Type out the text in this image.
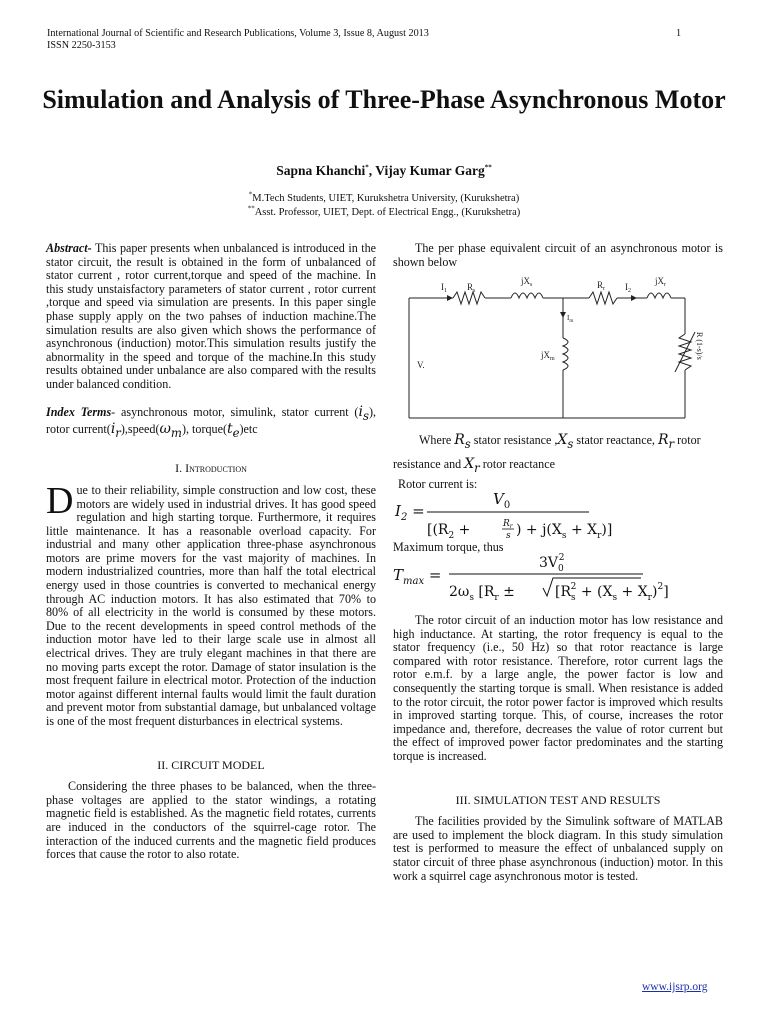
International Journal of Scientific and Research Publications, Volume 3, Issue 8, August 2013
ISSN 2250-3153
1
Simulation and Analysis of Three-Phase Asynchronous Motor
Sapna Khanchi*, Vijay Kumar Garg**
*M.Tech Students, UIET, Kurukshetra University, (Kurukshetra)
**Asst. Professor, UIET, Dept. of Electrical Engg., (Kurukshetra)

Abstract- This paper presents when unbalanced is introduced in the stator circuit, the result is obtained in the form of unbalanced of stator current , rotor current,torque and speed of the machine. In this study unstaisfactory parameters of stator current , rotor current ,torque and speed via simulation are presents. In this paper single phase supply apply on the two pahses of induction machine.The simulation results are also given which shows the performance of asynchronous (induction) motor.This simulation results justify the abnormality in the speed and torque of the machine.In this study results obtained under unbalance are also compared with the results under balanced condition.

Index Terms- asynchronous motor, simulink, stator current $(i_s)$, rotor $current(i_r),speed(\omega_m)$, $torque(t_e)etc$

I. Introduction

Due to their reliability, simple construction and low cost, these motors are widely used in industrial drives. It has good speed regulation and high starting torque. Furthermore, it requires little maintenance. It has a reasonable overload capacity. For industrial and many other application three-phase asynchronous motors are prime movers for the vast majority of machines. In modern industrialized countries, more than half the total electrical energy used in those countries is converted to mechanical energy through AC induction motors. It has also estimated that 70% to 80% of all electricity in the world is consumed by these motors. Due to the recent developments in speed control methods of the induction motor have led to their large scale use in almost all electrical drives. They are truly elegant machines in that there are no moving parts except the rotor. Damage of stator insulation is the most frequent failure in electrical motor. Protection of the induction motor against different internal faults would limit the fault duration and prevent motor from substantial damage, but unbalanced voltage is one of the most frequent disturbances in electrical systems.

II. CIRCUIT MODEL

Considering the three phases to be balanced, when the three-phase voltages are applied to the stator windings, a rotating magnetic field is established. As the magnetic field rotates, currents are induced in the conductors of the squirrel-cage rotor. The interaction of the induced currents and the magnetic field produces forces that cause the rotor to also rotate.

The per phase equivalent circuit of an asynchronous motor is shown below

$I_1$ $R_s$
$jX_s$	$R_r$ $I_2$
$jX_r$
$I_m$
$jX_m$
V.
R (1-s)/s
Where $R_s$ stator resistance $,X_s$ stator reactance, $R_r$ rotor resistance and $X_r$ rotor reactance
Rotor current is:
$I_2$ =
$V_0$
[($R_2$ +	$R_r$
s ) + $j(X_s + X_r)$]
Maximum torque, thus
$T_{max}$ =
$3V_02$
$2\omega_s$ [$R_r$ ±	$[R_s2 + (X_s + X_r)^2]$

The rotor circuit of an induction motor has low resistance and high inductance. At starting, the rotor frequency is equal to the stator frequency (i.e., 50 Hz) so that rotor reactance is large compared with rotor resistance. Therefore, rotor current lags the rotor e.m.f. by a large angle, the power factor is low and consequently the starting torque is small. When resistance is added to the rotor circuit, the rotor power factor is improved which results in improved starting torque. This, of course, increases the rotor impedance and, therefore, decreases the value of rotor current but the effect of improved power factor predominates and the starting torque is increased.

III. SIMULATION TEST AND RESULTS

The facilities provided by the Simulink software of MATLAB are used to implement the block diagram. In this study simulation test is performed to measure the effect of unbalanced supply on stator circuit of three phase asynchronous (induction) motor. In this work a squirrel cage asynchronous motor is tested.

www.ijsrp.org
